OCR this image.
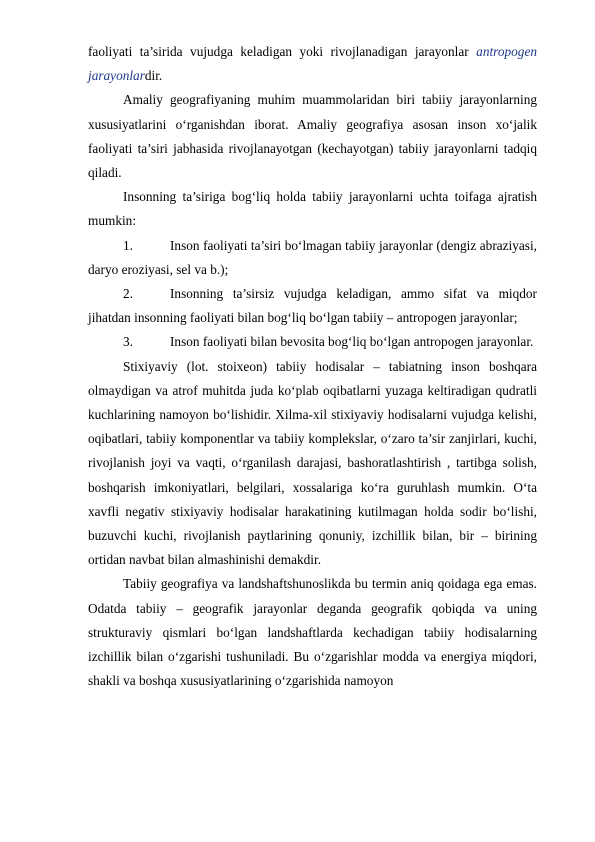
faoliyati ta’sirida vujudga keladigan yoki rivojlanadigan jarayonlar antropogen jarayonlardir.

Amaliy geografiyaning muhim muammolaridan biri tabiiy jarayonlarning xususiyatlarini o‘rganishdan iborat. Amaliy geografiya asosan inson xo‘jalik faoliyati ta’siri jabhasida rivojlanayotgan (kechayotgan) tabiiy jarayonlarni tadqiq qiladi.

Insonning ta’siriga bog‘liq holda tabiiy jarayonlarni uchta toifaga ajratish mumkin:

1.	Inson faoliyati ta’siri bo‘lmagan tabiiy jarayonlar (dengiz abraziyasi, daryo eroziyasi, sel va b.);

2.	Insonning ta’sirsiz vujudga keladigan, ammo sifat va miqdor jihatdan insonning faoliyati bilan bog‘liq bo‘lgan tabiiy – antropogen jarayonlar;

3.	Inson faoliyati bilan bevosita bog‘liq bo‘lgan antropogen jarayonlar.

Stixiyaviy (lot. stoixeon) tabiiy hodisalar – tabiatning inson boshqara olmaydigan va atrof muhitda juda ko‘plab oqibatlarni yuzaga keltiradigan qudratli kuchlarining namoyon bo‘lishidir. Xilma-xil stixiyaviy hodisalarni vujudga kelishi, oqibatlari, tabiiy komponentlar va tabiiy komplekslar, o‘zaro ta’sir zanjirlari, kuchi, rivojlanish joyi va vaqti, o‘rganilash darajasi, bashoratlashtirish , tartibga solish, boshqarish imkoniyatlari, belgilari, xossalariga ko‘ra guruhlash mumkin. O‘ta xavfli negativ stixiyaviy hodisalar harakatining kutilmagan holda sodir bo‘lishi, buzuvchi kuchi, rivojlanish paytlarining qonuniy, izchillik bilan, bir – birining ortidan navbat bilan almashinishi demakdir.

Tabiiy geografiya va landshaftshunoslikda bu termin aniq qoidaga ega emas. Odatda tabiiy – geografik jarayonlar deganda geografik qobiqda va uning strukturaviy qismlari bo‘lgan landshaftlarda kechadigan tabiiy hodisalarning izchillik bilan o‘zgarishi tushuniladi. Bu o‘zgarishlar modda va energiya miqdori, shakli va boshqa xususiyatlarining o‘zgarishida namoyon
